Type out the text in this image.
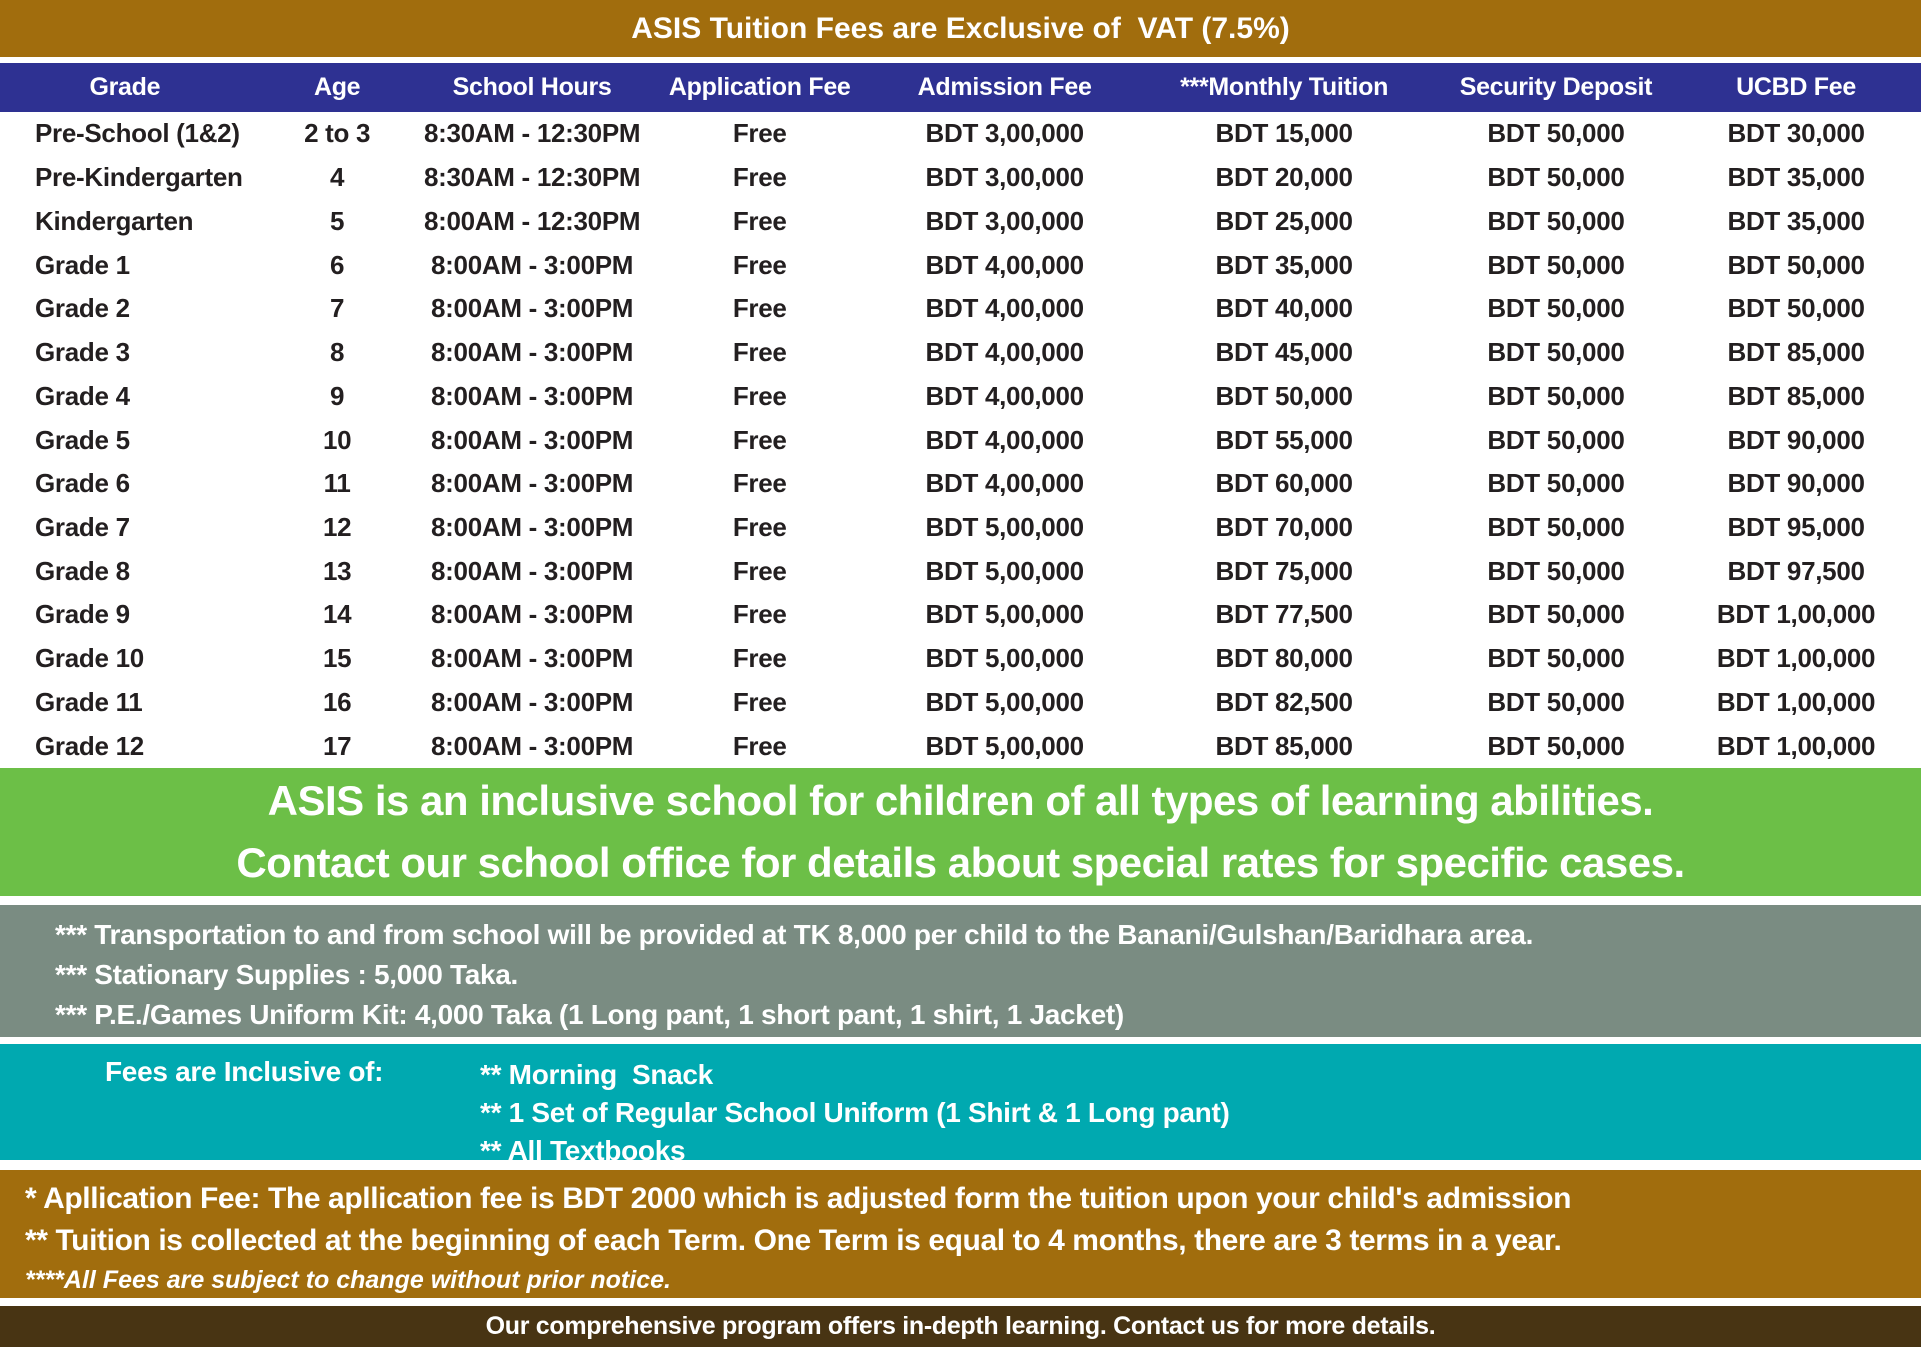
ASIS Tuition Fees are Exclusive of  VAT (7.5%)
Grade	Age	School Hours	Application Fee	Admission Fee	***Monthly Tuition	Security Deposit	UCBD Fee
Pre-School (1&2)	2 to 3	8:30AM - 12:30PM	Free	BDT 3,00,000	BDT 15,000	BDT 50,000	BDT 30,000
Pre-Kindergarten	4	8:30AM - 12:30PM	Free	BDT 3,00,000	BDT 20,000	BDT 50,000	BDT 35,000
Kindergarten	5	8:00AM - 12:30PM	Free	BDT 3,00,000	BDT 25,000	BDT 50,000	BDT 35,000
Grade 1	6	8:00AM - 3:00PM	Free	BDT 4,00,000	BDT 35,000	BDT 50,000	BDT 50,000
Grade 2	7	8:00AM - 3:00PM	Free	BDT 4,00,000	BDT 40,000	BDT 50,000	BDT 50,000
Grade 3	8	8:00AM - 3:00PM	Free	BDT 4,00,000	BDT 45,000	BDT 50,000	BDT 85,000
Grade 4	9	8:00AM - 3:00PM	Free	BDT 4,00,000	BDT 50,000	BDT 50,000	BDT 85,000
Grade 5	10	8:00AM - 3:00PM	Free	BDT 4,00,000	BDT 55,000	BDT 50,000	BDT 90,000
Grade 6	11	8:00AM - 3:00PM	Free	BDT 4,00,000	BDT 60,000	BDT 50,000	BDT 90,000
Grade 7	12	8:00AM - 3:00PM	Free	BDT 5,00,000	BDT 70,000	BDT 50,000	BDT 95,000
Grade 8	13	8:00AM - 3:00PM	Free	BDT 5,00,000	BDT 75,000	BDT 50,000	BDT 97,500
Grade 9	14	8:00AM - 3:00PM	Free	BDT 5,00,000	BDT 77,500	BDT 50,000	BDT 1,00,000
Grade 10	15	8:00AM - 3:00PM	Free	BDT 5,00,000	BDT 80,000	BDT 50,000	BDT 1,00,000
Grade 11	16	8:00AM - 3:00PM	Free	BDT 5,00,000	BDT 82,500	BDT 50,000	BDT 1,00,000
Grade 12	17	8:00AM - 3:00PM	Free	BDT 5,00,000	BDT 85,000	BDT 50,000	BDT 1,00,000
ASIS is an inclusive school for children of all types of learning abilities.
Contact our school office for details about special rates for specific cases.
*** Transportation to and from school will be provided at TK 8,000 per child to the Banani/Gulshan/Baridhara area.
*** Stationary Supplies : 5,000 Taka.
*** P.E./Games Uniform Kit: 4,000 Taka (1 Long pant, 1 short pant, 1 shirt, 1 Jacket)
Fees are Inclusive of:	** Morning  Snack
** 1 Set of Regular School Uniform (1 Shirt & 1 Long pant)
** All Textbooks
* Apllication Fee: The apllication fee is BDT 2000 which is adjusted form the tuition upon your child's admission
** Tuition is collected at the beginning of each Term. One Term is equal to 4 months, there are 3 terms in a year.
****All Fees are subject to change without prior notice.
Our comprehensive program offers in-depth learning. Contact us for more details.
